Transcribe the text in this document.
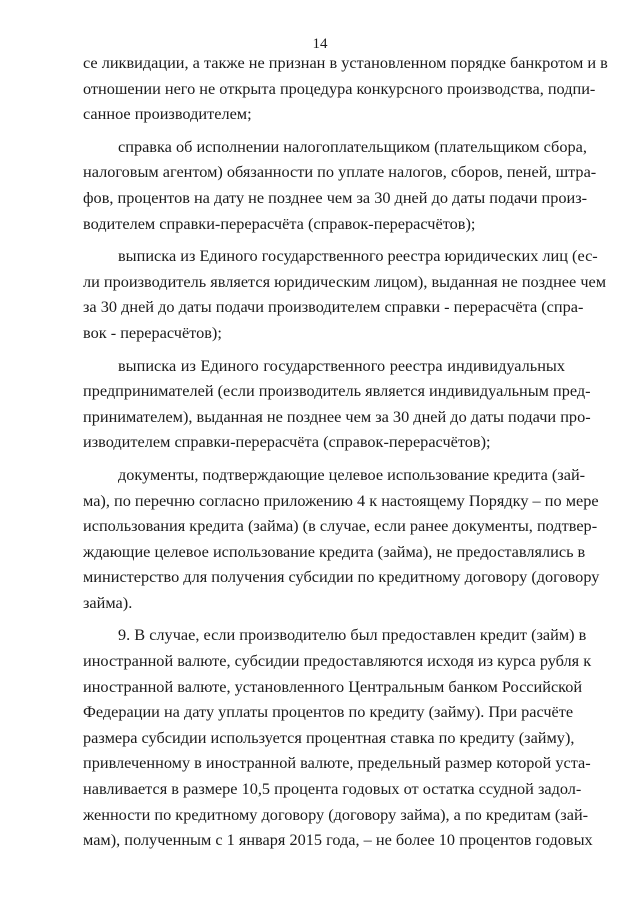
14
се ликвидации, а также не признан в установленном порядке банкротом и в
отношении него не открыта процедура конкурсного производства, подпи-
санное производителем;
справка об исполнении налогоплательщиком (плательщиком сбора,
налоговым агентом) обязанности по уплате налогов, сборов, пеней, штра-
фов, процентов на дату не позднее чем за 30 дней до даты подачи произ-
водителем справки-перерасчёта (справок-перерасчётов);
выписка из Единого государственного реестра юридических лиц (ес-
ли производитель является юридическим лицом), выданная не позднее чем
за 30 дней до даты подачи производителем справки - перерасчёта (спра-
вок - перерасчётов);
выписка из Единого государственного реестра индивидуальных
предпринимателей (если производитель является индивидуальным пред-
принимателем), выданная не позднее чем за 30 дней до даты подачи про-
изводителем справки-перерасчёта (справок-перерасчётов);
документы, подтверждающие целевое использование кредита (зай-
ма), по перечню согласно приложению 4 к настоящему Порядку – по мере
использования кредита (займа) (в случае, если ранее документы, подтвер-
ждающие целевое использование кредита (займа), не предоставлялись в
министерство для получения субсидии по кредитному договору (договору
займа).
9. В случае, если производителю был предоставлен кредит (займ) в
иностранной валюте, субсидии предоставляются исходя из курса рубля к
иностранной валюте, установленного Центральным банком Российской
Федерации на дату уплаты процентов по кредиту (займу). При расчёте
размера субсидии используется процентная ставка по кредиту (займу),
привлеченному в иностранной валюте, предельный размер которой уста-
навливается в размере 10,5 процента годовых от остатка ссудной задол-
женности по кредитному договору (договору займа), а по кредитам (зай-
мам), полученным с 1 января 2015 года, – не более 10 процентов годовых
